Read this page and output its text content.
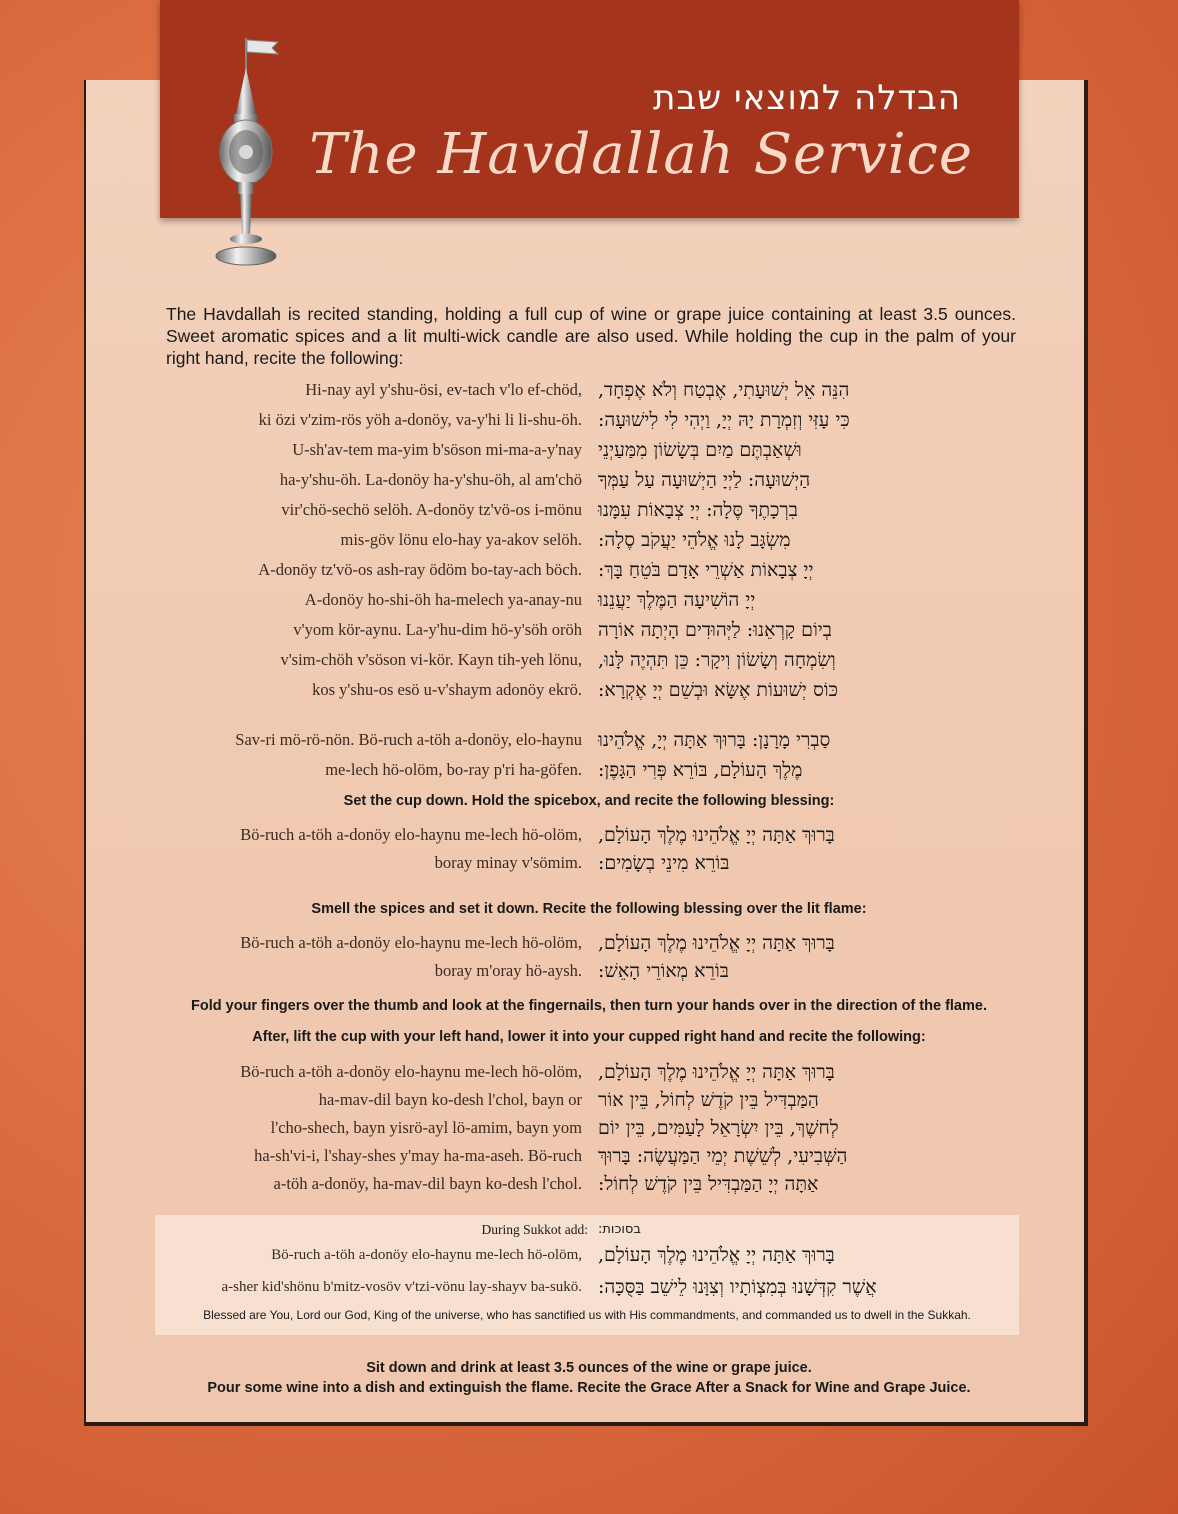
הבדלה למוצאי שבת
The Havdallah Service

The Havdallah is recited standing, holding a full cup of wine or grape juice containing at least 3.5 ounces. Sweet aromatic spices and a lit multi-wick candle are also used. While holding the cup in the palm of your right hand, recite the following:

Hi-nay ayl y'shu-ösi, ev-tach v'lo ef-chöd, הִנֵּה אֵל יְשׁוּעָתִי, אֶבְטַח וְלֹא אֶפְחָד,
ki özi v'zim-rös yöh a-donöy, va-y'hi li li-shu-öh. כִּי עָזִּי וְזִמְרָת יָהּ יְיָ, וַיְהִי לִי לִישׁוּעָה:
U-sh'av-tem ma-yim b'söson mi-ma-a-y'nay וּשְׁאַבְתֶּם מַיִם בְּשָׂשׂוֹן מִמַּעַיְנֵי
ha-y'shu-öh. La-donöy ha-y'shu-öh, al am'chö הַיְשׁוּעָה: לַיְיָ הַיְשׁוּעָה עַל עַמְּךָ
vir'chö-sechö selöh. A-donöy tz'vö-os i-mönu בִרְכָתֶךָ סֶּלָה: יְיָ צְבָאוֹת עִמָּנוּ
mis-göv lönu elo-hay ya-akov selöh. מִשְׂגָּב לָנוּ אֱלֹהֵי יַעֲקֹב סֶלָה:
A-donöy tz'vö-os ash-ray ödöm bo-tay-ach böch. יְיָ צְבָאוֹת אַשְׁרֵי אָדָם בֹּטֵחַ בָּךְ:
A-donöy ho-shi-öh ha-melech ya-anay-nu יְיָ הוֹשִׁיעָה הַמֶּלֶךְ יַעֲנֵנוּ
v'yom kör-aynu. La-y'hu-dim hö-y'söh oröh בְיוֹם קָרְאֵנוּ: לַיְּהוּדִים הָיְתָה אוֹרָה
v'sim-chöh v'söson vi-kör. Kayn tih-yeh lönu, וְשִׂמְחָה וְשָׂשׂוֹן וִיקָר: כֵּן תִּהְיֶה לָּנוּ,
kos y'shu-os esö u-v'shaym adonöy ekrö. כּוֹס יְשׁוּעוֹת אֶשָּׂא וּבְשֵׁם יְיָ אֶקְרָא:
Sav-ri mö-rö-nön. Bö-ruch a-töh a-donöy, elo-haynu סַבְרִי מָרָנָן: בָּרוּךְ אַתָּה יְיָ, אֱלֹהֵינוּ
me-lech hö-olöm, bo-ray p'ri ha-göfen. מֶלֶךְ הָעוֹלָם, בּוֹרֵא פְּרִי הַגָּפֶן:
Set the cup down. Hold the spicebox, and recite the following blessing:
Bö-ruch a-töh a-donöy elo-haynu me-lech hö-olöm, בָּרוּךְ אַתָּה יְיָ אֱלֹהֵינוּ מֶלֶךְ הָעוֹלָם,
boray minay v'sömim. בּוֹרֵא מִינֵי בְשָׂמִים:
Smell the spices and set it down. Recite the following blessing over the lit flame:
Bö-ruch a-töh a-donöy elo-haynu me-lech hö-olöm, בָּרוּךְ אַתָּה יְיָ אֱלֹהֵינוּ מֶלֶךְ הָעוֹלָם,
boray m'oray hö-aysh. בּוֹרֵא מְאוֹרֵי הָאֵשׁ:
Fold your fingers over the thumb and look at the fingernails, then turn your hands over in the direction of the flame.
After, lift the cup with your left hand, lower it into your cupped right hand and recite the following:
Bö-ruch a-töh a-donöy elo-haynu me-lech hö-olöm, בָּרוּךְ אַתָּה יְיָ אֱלֹהֵינוּ מֶלֶךְ הָעוֹלָם,
ha-mav-dil bayn ko-desh l'chol, bayn or הַמַּבְדִּיל בֵּין קֹדֶשׁ לְחוֹל, בֵּין אוֹר
l'cho-shech, bayn yisrö-ayl lö-amim, bayn yom לְחשֶׁךְ, בֵּין יִשְׂרָאֵל לָעַמִּים, בֵּין יוֹם
ha-sh'vi-i, l'shay-shes y'may ha-ma-aseh. Bö-ruch הַשְּׁבִיעִי, לְשֵׁשֶׁת יְמֵי הַמַּעֲשֶׂה: בָּרוּךְ
a-töh a-donöy, ha-mav-dil bayn ko-desh l'chol. אַתָּה יְיָ הַמַּבְדִּיל בֵּין קֹדֶשׁ לְחוֹל:
During Sukkot add: בסוכות:
Bö-ruch a-töh a-donöy elo-haynu me-lech hö-olöm, בָּרוּךְ אַתָּה יְיָ אֱלֹהֵינוּ מֶלֶךְ הָעוֹלָם,
a-sher kid'shönu b'mitz-vosöv v'tzi-vönu lay-shayv ba-sukö. אֲשֶׁר קִדְּשָׁנוּ בְּמִצְוֹתָיו וְצִוָּנוּ לֵישֵׁב בַּסֻּכָּה:
Blessed are You, Lord our God, King of the universe, who has sanctified us with His commandments, and commanded us to dwell in the Sukkah.
Sit down and drink at least 3.5 ounces of the wine or grape juice.
Pour some wine into a dish and extinguish the flame. Recite the Grace After a Snack for Wine and Grape Juice.
